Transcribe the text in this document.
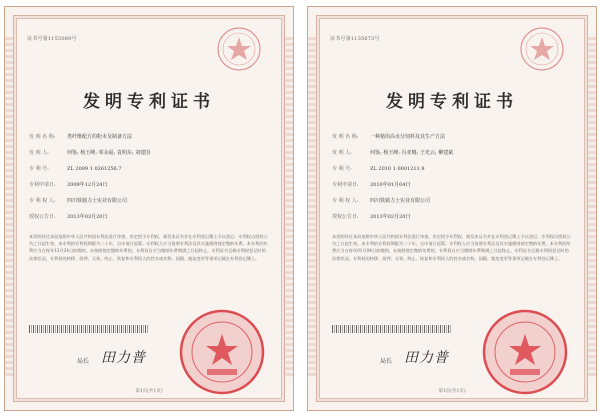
证书号第1155069号
发明专利证书
发 明 名 称: 类纤维配方的粉末及制备方法
发 明 人:	何鉴; 杨玉峰; 邓永福; 袁明东; 刘建国
专 利 号:	ZL 2009 1 0261256.7
专利申请日: 2009年12月24日
专 利 权 人: 四川铁骑力士实业有限公司
授权公告日: 2013年03月20日
本发明经过本局依照中华人民共和国专利法进行审查，决定授予专利权，颁发本证书并在专利登记簿上予以登记。专利权自授权公告之日起生效。本专利的专利权期限为二十年，自申请日起算。专利权人应当依照专利法及其实施细则规定缴纳年费。本专利的年费应当在每年12月24日前缴纳。未按照规定缴纳年费的，专利权自应当缴纳年费期满之日起终止。专利证书记载专利权登记时的法律状况。专利权的转移、质押、无效、终止、恢复和专利权人的姓名或名称、国籍、地址变更等事项记载在专利登记簿上。
局长 田力普
第1页(共1页)
证书号第1135673号
发明专利证书
发 明 名 称: 一种猪用高水分饲料及其生产方法
发 明 人:	何鉴; 杨玉峰; 冯亚娜; 王光云; 柳建斌
专 利 号:	ZL 2010 1 0001211.9
专利申请日: 2010年01月04日
专 利 权 人: 四川铁骑力士实业有限公司
授权公告日: 2013年02月20日
本发明经过本局依照中华人民共和国专利法进行审查，决定授予专利权，颁发本证书并在专利登记簿上予以登记。专利权自授权公告之日起生效。本专利的专利权期限为二十年，自申请日起算。专利权人应当依照专利法及其实施细则规定缴纳年费。本专利的年费应当在每年01月04日前缴纳。未按照规定缴纳年费的，专利权自应当缴纳年费期满之日起终止。专利证书记载专利权登记时的法律状况。专利权的转移、质押、无效、终止、恢复和专利权人的姓名或名称、国籍、地址变更等事项记载在专利登记簿上。
局长 田力普
第1页(共1页)
